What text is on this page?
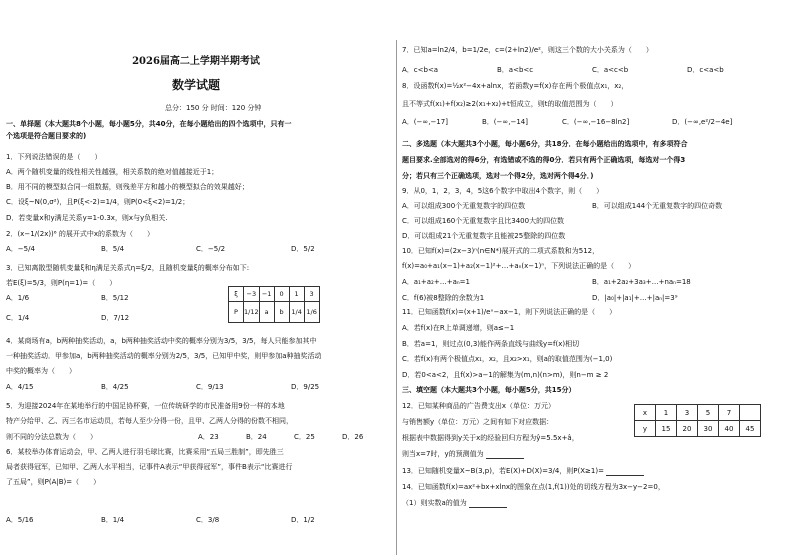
2026届高二上学期半期考试
数学试题
总分：150 分 时间：120 分钟
一、单择题（本大题共8个小题，每小题5分，共40分，在每小题给出的四个选项中，只有一
个选项是符合题目要求的)
1．下列说法错误的是（　　）
A．两个随机变量的线性相关性越强，相关系数的绝对值越接近于1；
B．用不同的模型拟合同一组数据，则残差平方和越小的模型拟合的效果越好；
C．设ξ~N(0,σ²)，且P(ξ<-2)=1/4，则P(0<ξ<2)=1/2；
D．若变量x和y满足关系y=1-0.3x，则x与y负相关.
2．(x−1/(2x))⁶ 的展开式中x的系数为（　　）
A．−5/4	B．5/4	C．−5/2	D．5/2
3．已知离散型随机变量ξ和η满足关系式η=ξ/2，且随机变量ξ的概率分布如下:
若E(ξ)=5/3，则P(η=1)=（　　）
A．1/6	B．5/12
C．1/4	D．7/12
ξ	−3	−1	0	1	3
P	1/12	a	b	1/4	1/6
4．某商场有a，b两种抽奖活动，a，b两种抽奖活动中奖的概率分别为3/5，3/5，每人只能参加其中
一种抽奖活动．甲参加a，b两种抽奖活动的概率分别为2/5，3/5，已知甲中奖，则甲参加a种抽奖活动
中奖的概率为（　　）
A．4/15	B．4/25	C．9/13	D．9/25
5．为迎接2024年在某地举行的中国足协杯赛，一位传统研学的市民准备用9份一样的本地
特产分给甲、乙、丙三名市运动员，若每人至少分得一份，且甲、乙两人分得的份数不相同，
则不同的分法总数为（　　）	A．23	B．24	C．25	D．26
6．某校举办体育运动会，甲、乙两人进行羽毛球比赛，比赛采用“五局三胜制”，即先胜三
局者获得冠军，已知甲、乙两人水平相当，记事件A表示“甲获得冠军”，事件B表示“比赛进行
了五局”，则P(A|B)=（　　）
A．5/16	B．1/4	C．3/8	D．1/2
7．已知a=ln2/4，b=1/2e，c=(2+ln2)/e²，则这三个数的大小关系为（　　）
A．c<b<a	B．a<b<c	C．a<c<b	D．c<a<b
8．设函数f(x)=½x²−4x+alnx，若函数y=f(x)存在两个极值点x₁，x₂，
且不等式f(x₁)+f(x₂)≥2(x₁+x₂)+t恒成立，则t的取值范围为（　　）
A．(−∞,−17]	B．(−∞,−14]	C．(−∞,−16−8ln2]	D．(−∞,e²/2−4e]
二、多选题（本大题共3个小题，每小题6分，共18分．在每小题给出的选项中，有多项符合
题目要求.全部选对的得6分，有选错或不选的得0分．若只有两个正确选项，每选对一个得3
分；若只有三个正确选项，选对一个得2分，选对两个得4分．)
9．从0，1，2，3，4，5这6个数字中取出4个数字，则（　　）
A．可以组成300个无重复数字的四位数	B．可以组成144个无重复数字的四位奇数
C．可以组成160个无重复数字且比3400大的四位数
D．可以组成21个无重复数字且能被25整除的四位数
10．已知f(x)=(2x−3)ⁿ(n∈N*)展开式的二项式系数和为512，
f(x)=a₀+a₁(x−1)+a₂(x−1)²+…+aₙ(x−1)ⁿ，下列说法正确的是（　　）
A．a₁+a₂+…+aₙ=1	B．a₁+2a₂+3a₃+…+naₙ=18
C．f(6)被8整除的余数为1	D．|a₀|+|a₁|+…+|aₙ|=3⁹
11．已知函数f(x)=(x+1)/eˣ−ax−1，则下列说法正确的是（　　）
A．若f(x)在R上单调递增，则a≤−1
B．若a=1，则过点(0,3)能作两条直线与曲线y=f(x)相切
C．若f(x)有两个极值点x₁，x₂，且x₂>x₁，则a的取值范围为(−1,0)
D．若0<a<2，且f(x)>a−1的解集为(m,n)(n>m)，则n−m ≥ 2
三、填空题（本大题共3个小题，每小题5分，共15分）
12．已知某种商品的广告费支出x（单位：万元）
与销售额y（单位：万元）之间有如下对应数据：
根据表中数据得到y关于x的经验回归方程为ŷ=5.5x+â，
则当x=7时，y的预测值为
x	1	3	5	7	
y	15	20	30	40	45
13．已知随机变量X~B(3,p)，若E(X)+D(X)=3/4，则P(X≥1)=
14．已知函数f(x)=ax²+bx+xlnx的图象在点(1,f(1))处的切线方程为3x−y−2=0，
（1）则实数a的值为
